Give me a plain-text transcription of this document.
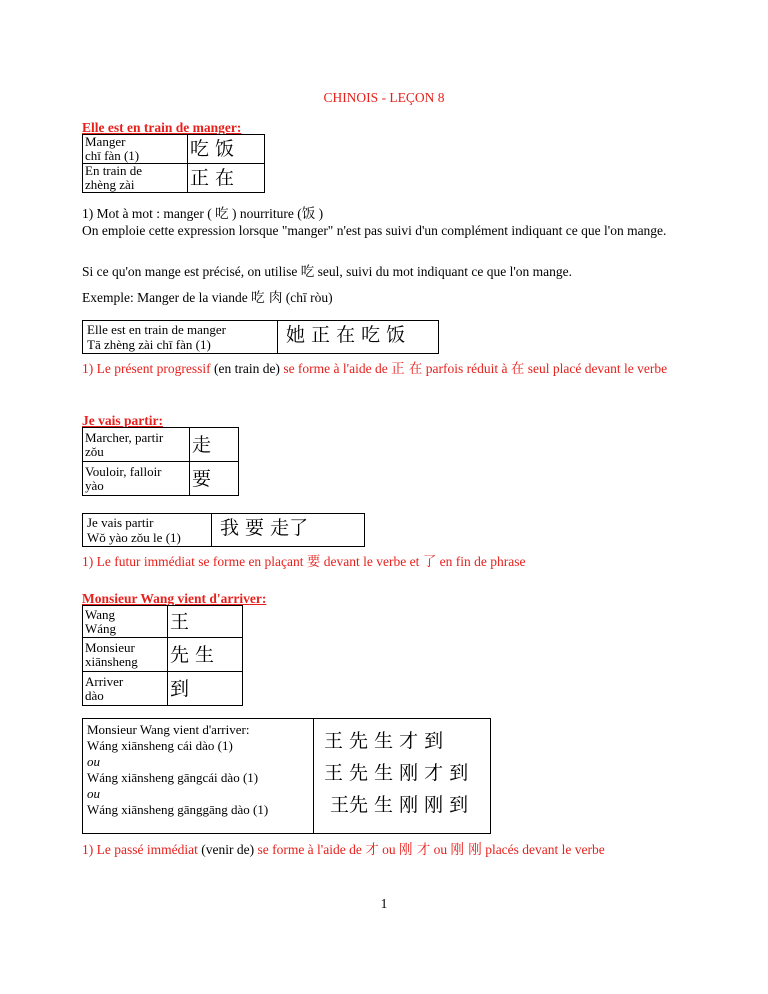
CHINOIS - LEÇON 8
Elle est en train de manger:
Manger
chī fàn (1)	吃 饭
En train de
zhèng zài	正 在
1) Mot à mot : manger ( 吃 ) nourriture (饭 )
On emploie cette expression lorsque "manger" n'est pas suivi d'un complément indiquant ce que l'on mange.
Si ce qu'on mange est précisé, on utilise 吃 seul, suivi du mot indiquant ce que l'on mange.
Exemple: Manger de la viande 吃 肉 (chī ròu)
Elle est en train de manger
Tā zhèng zài chī fàn (1)	她 正 在 吃 饭
1) Le présent progressif (en train de) se forme à l'aide de 正 在 parfois réduit à 在 seul placé devant le verbe
Je vais partir:
Marcher, partir
zǒu	走
Vouloir, falloir
yào	要
Je vais partir
Wǒ yào zǒu le (1) 我 要 走了
1) Le futur immédiat se forme en plaçant 要 devant le verbe et 了 en fin de phrase
Monsieur Wang vient d'arriver:
Wang
Wáng	王
Monsieur
xiānsheng	先 生
Arriver
dào	到
Monsieur Wang vient d'arriver:
Wáng xiānsheng cái dào (1)
ou
Wáng xiānsheng gāngcái dào (1)
ou
Wáng xiānsheng gānggāng dào (1)
王 先 生 才 到
王 先 生 刚 才 到
王先 生 刚 刚 到
1) Le passé immédiat (venir de) se forme à l'aide de 才 ou 刚 才 ou 刚 刚 placés devant le verbe
1
